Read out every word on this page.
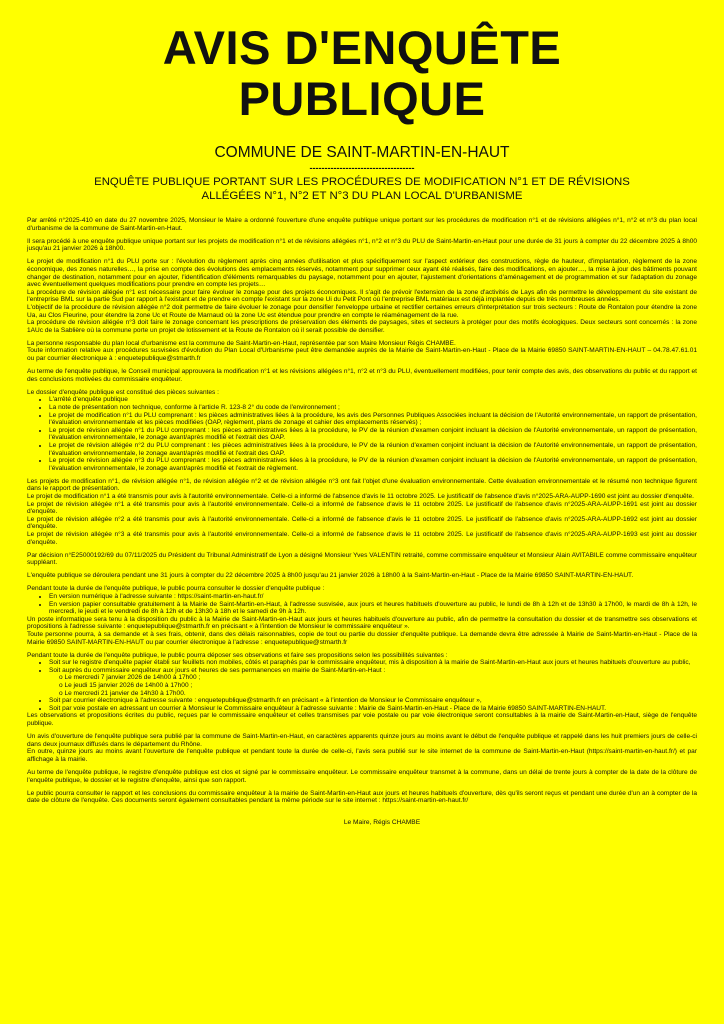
AVIS D'ENQUÊTE
PUBLIQUE
COMMUNE DE SAINT-MARTIN-EN-HAUT
-----------------------------------
ENQUÊTE PUBLIQUE PORTANT SUR LES PROCÉDURES DE MODIFICATION N°1 ET DE RÉVISIONS
ALLÉGÉES N°1, N°2 ET N°3 DU PLAN LOCAL D'URBANISME

Par arrêté n°2025-410 en date du 27 novembre 2025, Monsieur le Maire a ordonné l'ouverture d'une enquête publique unique portant sur les procédures de modification n°1 et de révisions allégées n°1, n°2 et n°3 du plan local d'urbanisme de la commune de Saint-Martin-en-Haut.

Il sera procédé à une enquête publique unique portant sur les projets de modification n°1 et de révisions allégées n°1, n°2 et n°3 du PLU de Saint-Martin-en-Haut pour une durée de 31 jours à compter du 22 décembre 2025 à 8h00 jusqu'au 21 janvier 2026 à 18h00.

Le projet de modification n°1 du PLU porte sur : l'évolution du règlement après cinq années d'utilisation et plus spécifiquement sur l'aspect extérieur des constructions, règle de hauteur, d'implantation, règlement de la zone économique, des zones naturelles…, la prise en compte des évolutions des emplacements réservés, notamment pour supprimer ceux ayant été réalisés, faire des modifications, en ajouter…, la mise à jour des bâtiments pouvant changer de destination, notamment pour en ajouter, l'identification d'éléments remarquables du paysage, notamment pour en ajouter, l'ajustement d'orientations d'aménagement et de programmation et sur l'adaptation du zonage avec éventuellement quelques modifications pour prendre en compte les projets…

La procédure de révision allégée n°1 est nécessaire pour faire évoluer le zonage pour des projets économiques. Il s'agit de prévoir l'extension de la zone d'activités de Lays afin de permettre le développement du site existant de l'entreprise BML sur la partie Sud par rapport à l'existant et de prendre en compte l'existant sur la zone Ui du Petit Pont où l'entreprise BML matériaux est déjà implantée depuis de très nombreuses années.

L'objectif de la procédure de révision allégée n°2 doit permettre de faire évoluer le zonage pour densifier l'enveloppe urbaine et rectifier certaines erreurs d'interprétation sur trois secteurs : Route de Rontalon pour étendre la zone Ua, au Clos Fleurine, pour étendre la zone Uc et Route de Marnaud où la zone Uc est étendue pour prendre en compte le réaménagement de la rue.

La procédure de révision allégée n°3 doit faire le zonage concernant les prescriptions de préservation des éléments de paysages, sites et secteurs à protéger pour des motifs écologiques. Deux secteurs sont concernés : la zone 1AUc de la Sablière où la commune porte un projet de lotissement et la Route de Rontalon où il serait possible de densifier.

La personne responsable du plan local d'urbanisme est la commune de Saint-Martin-en-Haut, représentée par son Maire Monsieur Régis CHAMBE.

Toute information relative aux procédures susvisées d'évolution du Plan Local d'Urbanisme peut être demandée auprès de la Mairie de Saint-Martin-en-Haut - Place de la Mairie 69850 SAINT-MARTIN-EN-HAUT – 04.78.47.61.01 ou par courrier électronique à : enquetepublique@stmarth.fr

Au terme de l'enquête publique, le Conseil municipal approuvera la modification n°1 et les révisions allégées n°1, n°2 et n°3 du PLU, éventuellement modifiées, pour tenir compte des avis, des observations du public et du rapport et des conclusions motivées du commissaire enquêteur.

Le dossier d'enquête publique est constitué des pièces suivantes :

• L'arrêté d'enquête publique
• La note de présentation non technique, conforme à l'article R. 123-8 2° du code de l'environnement ;
• Le projet de modification n°1 du PLU comprenant : les pièces administratives liées à la procédure, les avis des Personnes Publiques Associées incluant la décision de l'Autorité environnementale, un rapport de présentation, l'évaluation environnementale et les pièces modifiées (OAP, règlement, plans de zonage et cahier des emplacements réservés) ;
• Le projet de révision allégée n°1 du PLU comprenant : les pièces administratives liées à la procédure, le PV de la réunion d'examen conjoint incluant la décision de l'Autorité environnementale, un rapport de présentation, l'évaluation environnementale, le zonage avant/après modifié et l'extrait des OAP.
• Le projet de révision allégée n°2 du PLU comprenant : les pièces administratives liées à la procédure, le PV de la réunion d'examen conjoint incluant la décision de l'Autorité environnementale, un rapport de présentation, l'évaluation environnementale, le zonage avant/après modifié et l'extrait des OAP.
• Le projet de révision allégée n°3 du PLU comprenant : les pièces administratives liées à la procédure, le PV de la réunion d'examen conjoint incluant la décision de l'Autorité environnementale, un rapport de présentation, l'évaluation environnementale, le zonage avant/après modifié et l'extrait de règlement.

Les projets de modification n°1, de révision allégée n°1, de révision allégée n°2 et de révision allégée n°3 ont fait l'objet d'une évaluation environnementale. Cette évaluation environnementale et le résumé non technique figurent dans le rapport de présentation.

Le projet de modification n°1 a été transmis pour avis à l'autorité environnementale. Celle-ci a informé de l'absence d'avis le 11 octobre 2025. Le justificatif de l'absence d'avis n°2025-ARA-AUPP-1690 est joint au dossier d'enquête.

Le projet de révision allégée n°1 a été transmis pour avis à l'autorité environnementale. Celle-ci a informé de l'absence d'avis le 11 octobre 2025. Le justificatif de l'absence d'avis n°2025-ARA-AUPP-1691 est joint au dossier d'enquête.

Le projet de révision allégée n°2 a été transmis pour avis à l'autorité environnementale. Celle-ci a informé de l'absence d'avis le 11 octobre 2025. Le justificatif de l'absence d'avis n°2025-ARA-AUPP-1692 est joint au dossier d'enquête.

Le projet de révision allégée n°3 a été transmis pour avis à l'autorité environnementale. Celle-ci a informé de l'absence d'avis le 11 octobre 2025. Le justificatif de l'absence d'avis n°2025-ARA-AUPP-1693 est joint au dossier d'enquête.

Par décision n°E25000192/69 du 07/11/2025 du Président du Tribunal Administratif de Lyon a désigné Monsieur Yves VALENTIN retraité, comme commissaire enquêteur et Monsieur Alain AVITABILE comme commissaire enquêteur suppléant.

L'enquête publique se déroulera pendant une 31 jours à compter du 22 décembre 2025 à 8h00 jusqu'au 21 janvier 2026 à 18h00 à la Saint-Martin-en-Haut - Place de la Mairie 69850 SAINT-MARTIN-EN-HAUT.

Pendant toute la durée de l'enquête publique, le public pourra consulter le dossier d'enquête publique :

• En version numérique à l'adresse suivante : https://saint-martin-en-haut.fr/
• En version papier consultable gratuitement à la Mairie de Saint-Martin-en-Haut, à l'adresse susvisée, aux jours et heures habituels d'ouverture au public, le lundi de 8h à 12h et de 13h30 à 17h00, le mardi de 8h à 12h, le mercredi, le jeudi et le vendredi de 8h à 12h et de 13h30 à 18h et le samedi de 9h à 12h.

Un poste informatique sera tenu à la disposition du public à la Mairie de Saint-Martin-en-Haut aux jours et heures habituels d'ouverture au public, afin de permettre la consultation du dossier et de transmettre ses observations et propositions à l'adresse suivante : enquetepublique@stmarth.fr en précisant « à l'intention de Monsieur le commissaire enquêteur ».

Toute personne pourra, à sa demande et à ses frais, obtenir, dans des délais raisonnables, copie de tout ou partie du dossier d'enquête publique. La demande devra être adressée à Mairie de Saint-Martin-en-Haut - Place de la Mairie 69850 SAINT-MARTIN-EN-HAUT ou par courrier électronique à l'adresse : enquetepublique@stmarth.fr

Pendant toute la durée de l'enquête publique, le public pourra déposer ses observations et faire ses propositions selon les possibilités suivantes :

• Soit sur le registre d'enquête papier établi sur feuillets non mobiles, côtés et paraphés par le commissaire enquêteur, mis à disposition à la mairie de Saint-Martin-en-Haut aux jours et heures habituels d'ouverture au public,
• Soit auprès du commissaire enquêteur aux jours et heures de ses permanences en mairie de Saint-Martin-en-Haut :
o Le mercredi 7 janvier 2026 de 14h00 à 17h00 ;
o Le jeudi 15 janvier 2026 de 14h00 à 17h00 ;
o Le mercredi 21 janvier de 14h30 à 17h00.
• Soit par courrier électronique à l'adresse suivante : enquetepublique@stmarth.fr en précisant « à l'intention de Monsieur le Commissaire enquêteur »,
• Soit par voie postale en adressant un courrier à Monsieur le Commissaire enquêteur à l'adresse suivante : Mairie de Saint-Martin-en-Haut - Place de la Mairie 69850 SAINT-MARTIN-EN-HAUT.

Les observations et propositions écrites du public, reçues par le commissaire enquêteur et celles transmises par voie postale ou par voie électronique seront consultables à la mairie de Saint-Martin-en-Haut, siège de l'enquête publique.

Un avis d'ouverture de l'enquête publique sera publié par la commune de Saint-Martin-en-Haut, en caractères apparents quinze jours au moins avant le début de l'enquête publique et rappelé dans les huit premiers jours de celle-ci dans deux journaux diffusés dans le département du Rhône.

En outre, quinze jours au moins avant l'ouverture de l'enquête publique et pendant toute la durée de celle-ci, l'avis sera publié sur le site internet de la commune de Saint-Martin-en-Haut (https://saint-martin-en-haut.fr/) et par affichage à la mairie.

Au terme de l'enquête publique, le registre d'enquête publique est clos et signé par le commissaire enquêteur. Le commissaire enquêteur transmet à la commune, dans un délai de trente jours à compter de la date de la clôture de l'enquête publique, le dossier et le registre d'enquête, ainsi que son rapport.

Le public pourra consulter le rapport et les conclusions du commissaire enquêteur à la mairie de Saint-Martin-en-Haut aux jours et heures habituels d'ouverture, dès qu'ils seront reçus et pendant une durée d'un an à compter de la date de clôture de l'enquête. Ces documents seront également consultables pendant la même période sur le site internet : https://saint-martin-en-haut.fr/

Le Maire, Régis CHAMBE
